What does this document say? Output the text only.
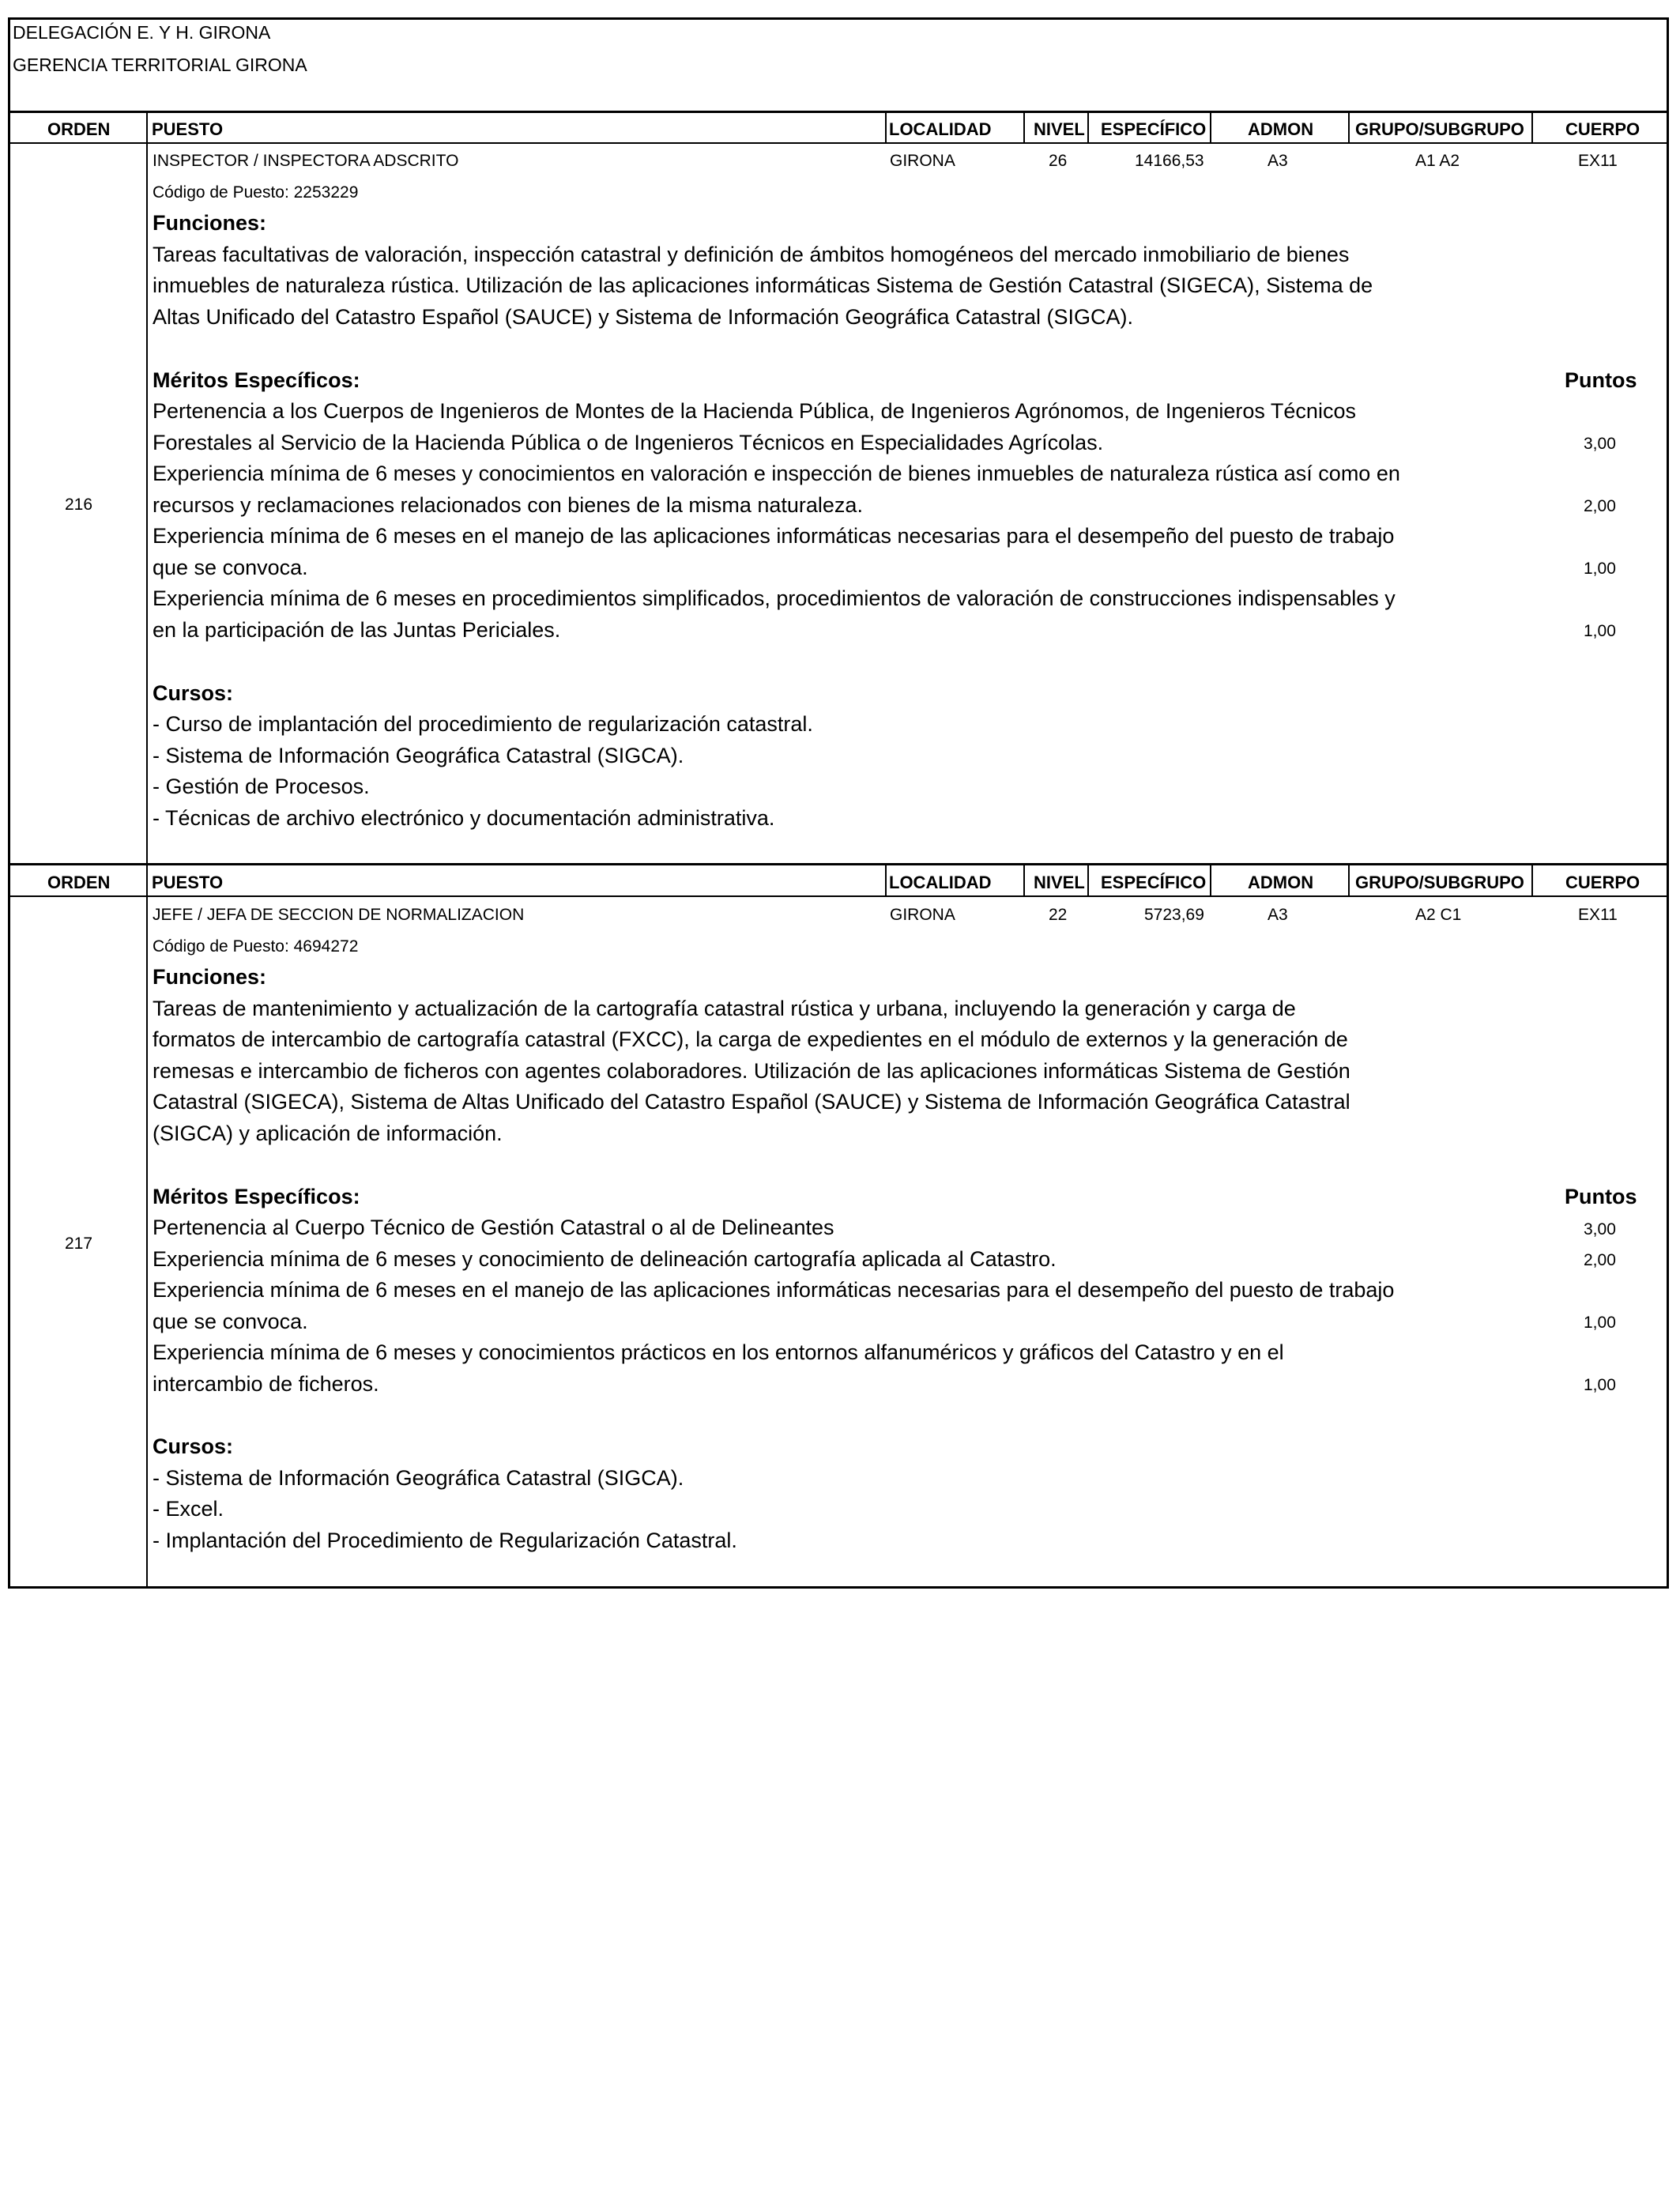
DELEGACIÓN E. Y H. GIRONA
GERENCIA TERRITORIAL GIRONA
ORDEN PUESTO	LOCALIDAD NIVEL ESPECÍFICO ADMON GRUPO/SUBGRUPO CUERPO
216
INSPECTOR / INSPECTORA ADSCRITO	GIRONA	26	14166,53	A3	A1 A2	EX11
Código de Puesto: 2253229
Funciones:
Tareas facultativas de valoración, inspección catastral y definición de ámbitos homogéneos del mercado inmobiliario de bienes
inmuebles de naturaleza rústica. Utilización de las aplicaciones informáticas Sistema de Gestión Catastral (SIGECA), Sistema de
Altas Unificado del Catastro Español (SAUCE) y Sistema de Información Geográfica Catastral (SIGCA).
Méritos Específicos:	Puntos
Pertenencia a los Cuerpos de Ingenieros de Montes de la Hacienda Pública, de Ingenieros Agrónomos, de Ingenieros Técnicos
Forestales al Servicio de la Hacienda Pública o de Ingenieros Técnicos en Especialidades Agrícolas.	3,00
Experiencia mínima de 6 meses y conocimientos en valoración e inspección de bienes inmuebles de naturaleza rústica así como en
recursos y reclamaciones relacionados con bienes de la misma naturaleza.	2,00
Experiencia mínima de 6 meses en el manejo de las aplicaciones informáticas necesarias para el desempeño del puesto de trabajo
que se convoca.	1,00
Experiencia mínima de 6 meses en procedimientos simplificados, procedimientos de valoración de construcciones indispensables y
en la participación de las Juntas Periciales.	1,00
Cursos:
- Curso de implantación del procedimiento de regularización catastral.
- Sistema de Información Geográfica Catastral (SIGCA).
- Gestión de Procesos.
- Técnicas de archivo electrónico y documentación administrativa.
ORDEN PUESTO	LOCALIDAD NIVEL ESPECÍFICO ADMON GRUPO/SUBGRUPO CUERPO
217
JEFE / JEFA DE SECCION DE NORMALIZACION	GIRONA	22	5723,69	A3	A2 C1	EX11
Código de Puesto: 4694272
Funciones:
Tareas de mantenimiento y actualización de la cartografía catastral rústica y urbana, incluyendo la generación y carga de
formatos de intercambio de cartografía catastral (FXCC), la carga de expedientes en el módulo de externos y la generación de
remesas e intercambio de ficheros con agentes colaboradores. Utilización de las aplicaciones informáticas Sistema de Gestión
Catastral (SIGECA), Sistema de Altas Unificado del Catastro Español (SAUCE) y Sistema de Información Geográfica Catastral
(SIGCA) y aplicación de información.
Méritos Específicos:	Puntos
Pertenencia al Cuerpo Técnico de Gestión Catastral o al de Delineantes	3,00
Experiencia mínima de 6 meses y conocimiento de delineación cartografía aplicada al Catastro.	2,00
Experiencia mínima de 6 meses en el manejo de las aplicaciones informáticas necesarias para el desempeño del puesto de trabajo
que se convoca.	1,00
Experiencia mínima de 6 meses y conocimientos prácticos en los entornos alfanuméricos y gráficos del Catastro y en el
intercambio de ficheros.	1,00
Cursos:
- Sistema de Información Geográfica Catastral (SIGCA).
- Excel.
- Implantación del Procedimiento de Regularización Catastral.
